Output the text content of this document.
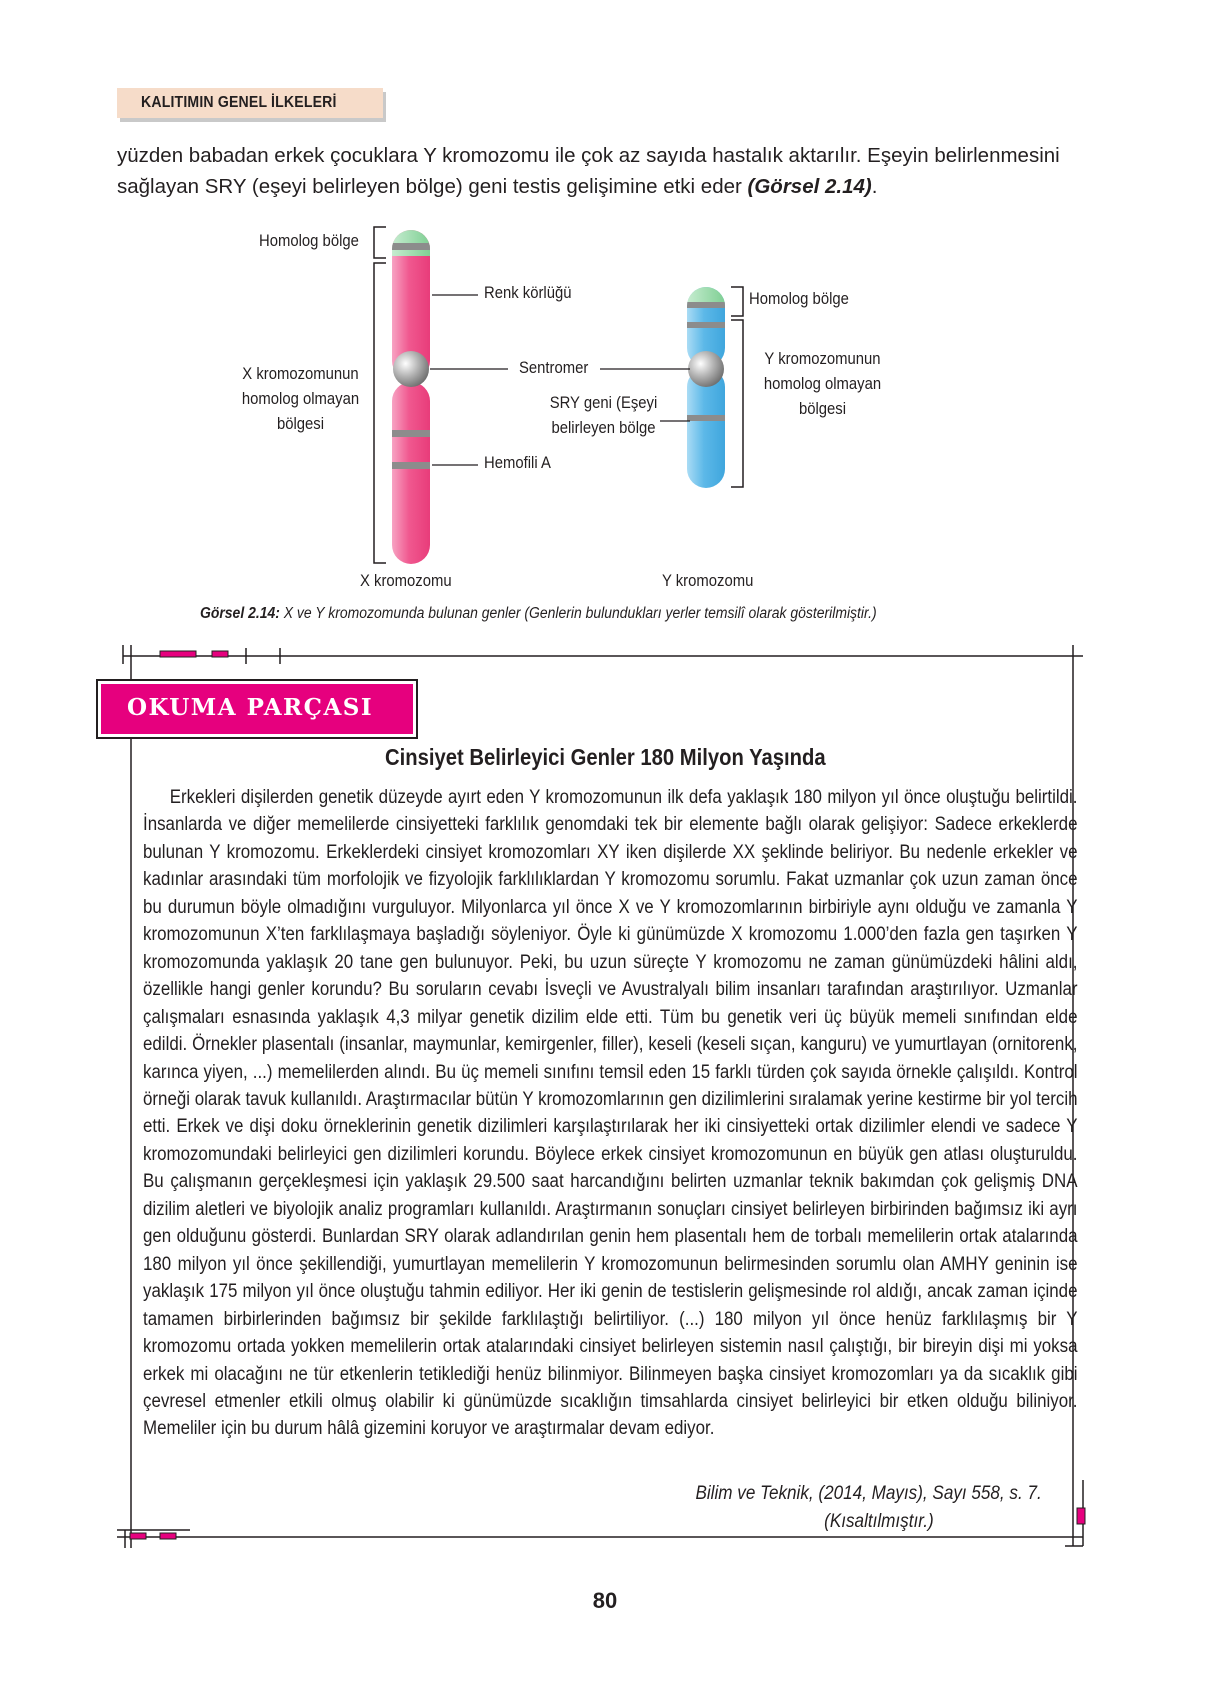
KALITIMIN GENEL İLKELERİ
yüzden babadan erkek çocuklara Y kromozomu ile çok az sayıda hastalık aktarılır. Eşeyin belirlenmesini sağlayan SRY (eşeyi belirleyen bölge) geni testis gelişimine etki eder (Görsel 2.14).
Homolog bölge
Renk körlüğü	Homolog bölge
X kromozomunun
homolog olmayan
bölgesi
Sentromer	Y kromozomunun
homolog olmayan
bölgesi
SRY geni (Eşeyi
belirleyen bölge
Hemofili A
X kromozomu	Y kromozomu
Görsel 2.14: X ve Y kromozomunda bulunan genler (Genlerin bulundukları yerler temsilî olarak gösterilmiştir.)
OKUMA PARÇASI
Cinsiyet Belirleyici Genler 180 Milyon Yaşında
Erkekleri dişilerden genetik düzeyde ayırt eden Y kromozomunun ilk defa yaklaşık 180 milyon yıl önce oluştuğu belirtildi. İnsanlarda ve diğer memelilerde cinsiyetteki farklılık genomdaki tek bir elemente bağlı olarak gelişiyor: Sadece erkeklerde bulunan Y kromozomu. Erkeklerdeki cinsiyet kromozomları XY iken dişilerde XX şeklinde beliriyor. Bu nedenle erkekler ve kadınlar arasındaki tüm morfolojik ve fizyolojik farklılıklardan Y kromozomu sorumlu. Fakat uzmanlar çok uzun zaman önce bu durumun böyle olmadığını vurguluyor. Milyonlarca yıl önce X ve Y kromozomlarının birbiriyle aynı olduğu ve zamanla Y kromozomunun X’ten farklılaşmaya başladığı söyleniyor. Öyle ki günümüzde X kromozomu 1.000’den fazla gen taşırken Y kromozomunda yaklaşık 20 tane gen bulunuyor. Peki, bu uzun süreçte Y kromozomu ne zaman günümüzdeki hâlini aldı, özellikle hangi genler korundu? Bu soruların cevabı İsveçli ve Avustralyalı bilim insanları tarafından araştırılıyor. Uzmanlar çalışmaları esnasında yaklaşık 4,3 milyar genetik dizilim elde etti. Tüm bu genetik veri üç büyük memeli sınıfından elde edildi. Örnekler plasentalı (insanlar, maymunlar, kemirgenler, filler), keseli (keseli sıçan, kanguru) ve yumurtlayan (ornitorenk, karınca yiyen, ...) memelilerden alındı. Bu üç memeli sınıfını temsil eden 15 farklı türden çok sayıda örnekle çalışıldı. Kontrol örneği olarak tavuk kullanıldı. Araştırmacılar bütün Y kromozomlarının gen dizilimlerini sıralamak yerine kestirme bir yol tercih etti. Erkek ve dişi doku örneklerinin genetik dizilimleri karşılaştırılarak her iki cinsiyetteki ortak dizilimler elendi ve sadece Y kromozomundaki belirleyici gen dizilimleri korundu. Böylece erkek cinsiyet kromozomunun en büyük gen atlası oluşturuldu. Bu çalışmanın gerçekleşmesi için yaklaşık 29.500 saat harcandığını belirten uzmanlar teknik bakımdan çok gelişmiş DNA dizilim aletleri ve biyolojik analiz programları kullanıldı. Araştırmanın sonuçları cinsiyet belirleyen birbirinden bağımsız iki ayrı gen olduğunu gösterdi. Bunlardan SRY olarak adlandırılan genin hem plasentalı hem de torbalı memelilerin ortak atalarında 180 milyon yıl önce şekillendiği, yumurtlayan memelilerin Y kromozomunun belirmesinden sorumlu olan AMHY geninin ise yaklaşık 175 milyon yıl önce oluştuğu tahmin ediliyor. Her iki genin de testislerin gelişmesinde rol aldığı, ancak zaman içinde tamamen birbirlerinden bağımsız bir şekilde farklılaştığı belirtiliyor. (...) 180 milyon yıl önce henüz farklılaşmış bir Y kromozomu ortada yokken memelilerin ortak atalarındaki cinsiyet belirleyen sistemin nasıl çalıştığı, bir bireyin dişi mi yoksa erkek mi olacağını ne tür etkenlerin tetiklediği henüz bilinmiyor. Bilinmeyen başka cinsiyet kromozomları ya da sıcaklık gibi çevresel etmenler etkili olmuş olabilir ki günümüzde sıcaklığın timsahlarda cinsiyet belirleyici bir etken olduğu biliniyor. Memeliler için bu durum hâlâ gizemini koruyor ve araştırmalar devam ediyor.
Bilim ve Teknik, (2014, Mayıs), Sayı 558, s. 7.
(Kısaltılmıştır.)
80
